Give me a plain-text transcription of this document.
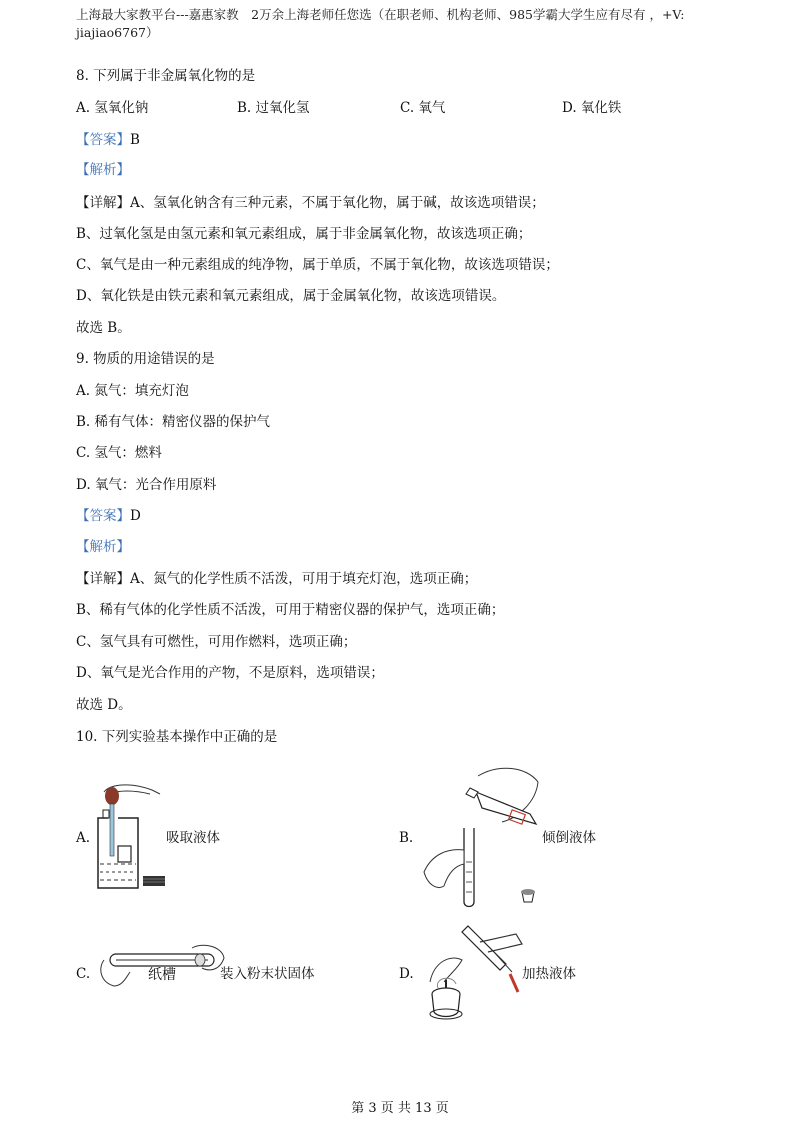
上海最大家教平台---嘉惠家教　2万余上海老师任您选（在职老师、机构老师、985学霸大学生应有尽有 ，+V: jiajiao6767）
8. 下列属于非金属氧化物的是
A. 氢氧化钠	B. 过氧化氢	C. 氧气	D. 氧化铁
【答案】B
【解析】
【详解】A、氢氧化钠含有三种元素，不属于氧化物，属于碱，故该选项错误；
B、过氧化氢是由氢元素和氧元素组成，属于非金属氧化物，故该选项正确；
C、氧气是由一种元素组成的纯净物，属于单质，不属于氧化物，故该选项错误；
D、氧化铁是由铁元素和氧元素组成，属于金属氧化物，故该选项错误。
故选 B。
9. 物质的用途错误的是
A. 氮气：填充灯泡
B. 稀有气体：精密仪器的保护气
C. 氢气：燃料
D. 氧气：光合作用原料
【答案】D
【解析】
【详解】A、氮气的化学性质不活泼，可用于填充灯泡，选项正确；
B、稀有气体的化学性质不活泼，可用于精密仪器的保护气，选项正确；
C、氢气具有可燃性，可用作燃料，选项正确；
D、氧气是光合作用的产物，不是原料，选项错误；
故选 D。
10. 下列实验基本操作中正确的是
A.	吸取液体	B.	倾倒液体
C.	纸槽	装入粉末状固体	D.	加热液体
第 3 页 共 13 页
